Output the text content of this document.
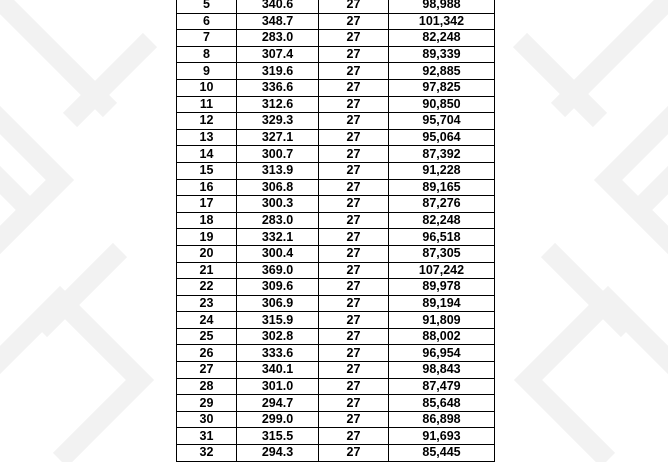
5	340.6	27	98,988
6	348.7	27	101,342
7	283.0	27	82,248
8	307.4	27	89,339
9	319.6	27	92,885
10	336.6	27	97,825
11	312.6	27	90,850
12	329.3	27	95,704
13	327.1	27	95,064
14	300.7	27	87,392
15	313.9	27	91,228
16	306.8	27	89,165
17	300.3	27	87,276
18	283.0	27	82,248
19	332.1	27	96,518
20	300.4	27	87,305
21	369.0	27	107,242
22	309.6	27	89,978
23	306.9	27	89,194
24	315.9	27	91,809
25	302.8	27	88,002
26	333.6	27	96,954
27	340.1	27	98,843
28	301.0	27	87,479
29	294.7	27	85,648
30	299.0	27	86,898
31	315.5	27	91,693
32	294.3	27	85,445
